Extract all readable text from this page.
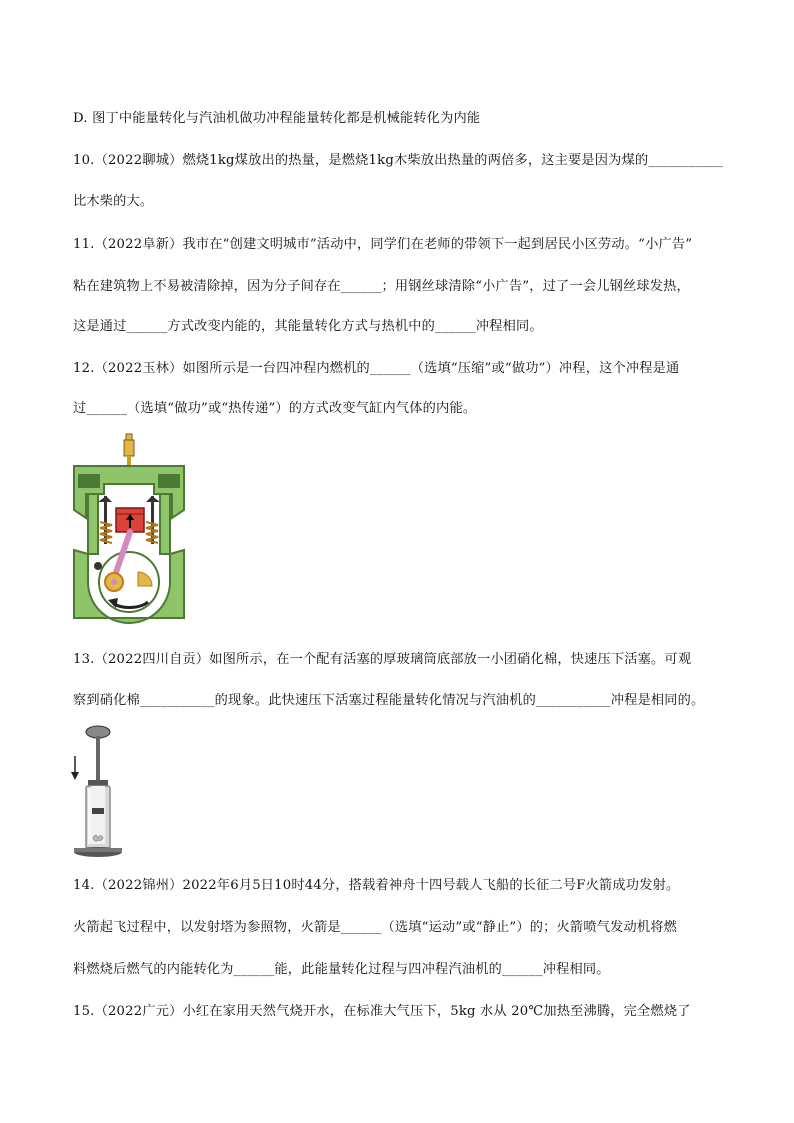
D. 图丁中能量转化与汽油机做功冲程能量转化都是机械能转化为内能
10.（2022聊城）燃烧1kg煤放出的热量，是燃烧1kg木柴放出热量的两倍多，这主要是因为煤的___________
比木柴的大。
11.（2022阜新）我市在“创建文明城市”活动中，同学们在老师的带领下一起到居民小区劳动。“小广告”
粘在建筑物上不易被清除掉，因为分子间存在______；用钢丝球清除“小广告”，过了一会儿钢丝球发热，
这是通过______方式改变内能的，其能量转化方式与热机中的______冲程相同。
12.（2022玉林）如图所示是一台四冲程内燃机的______（选填“压缩”或“做功”）冲程，这个冲程是通
过______（选填“做功”或“热传递”）的方式改变气缸内气体的内能。
13.（2022四川自贡）如图所示，在一个配有活塞的厚玻璃筒底部放一小团硝化棉，快速压下活塞。可观
察到硝化棉___________的现象。此快速压下活塞过程能量转化情况与汽油机的___________冲程是相同的。
14.（2022锦州）2022年6月5日10时44分，搭载着神舟十四号载人飞船的长征二号F火箭成功发射。
火箭起飞过程中，以发射塔为参照物，火箭是______（选填“运动”或“静止”）的；火箭喷气发动机将燃
料燃烧后燃气的内能转化为______能，此能量转化过程与四冲程汽油机的______冲程相同。
15.（2022广元）小红在家用天然气烧开水，在标准大气压下，5kg 水从 20℃加热至沸腾，完全燃烧了
